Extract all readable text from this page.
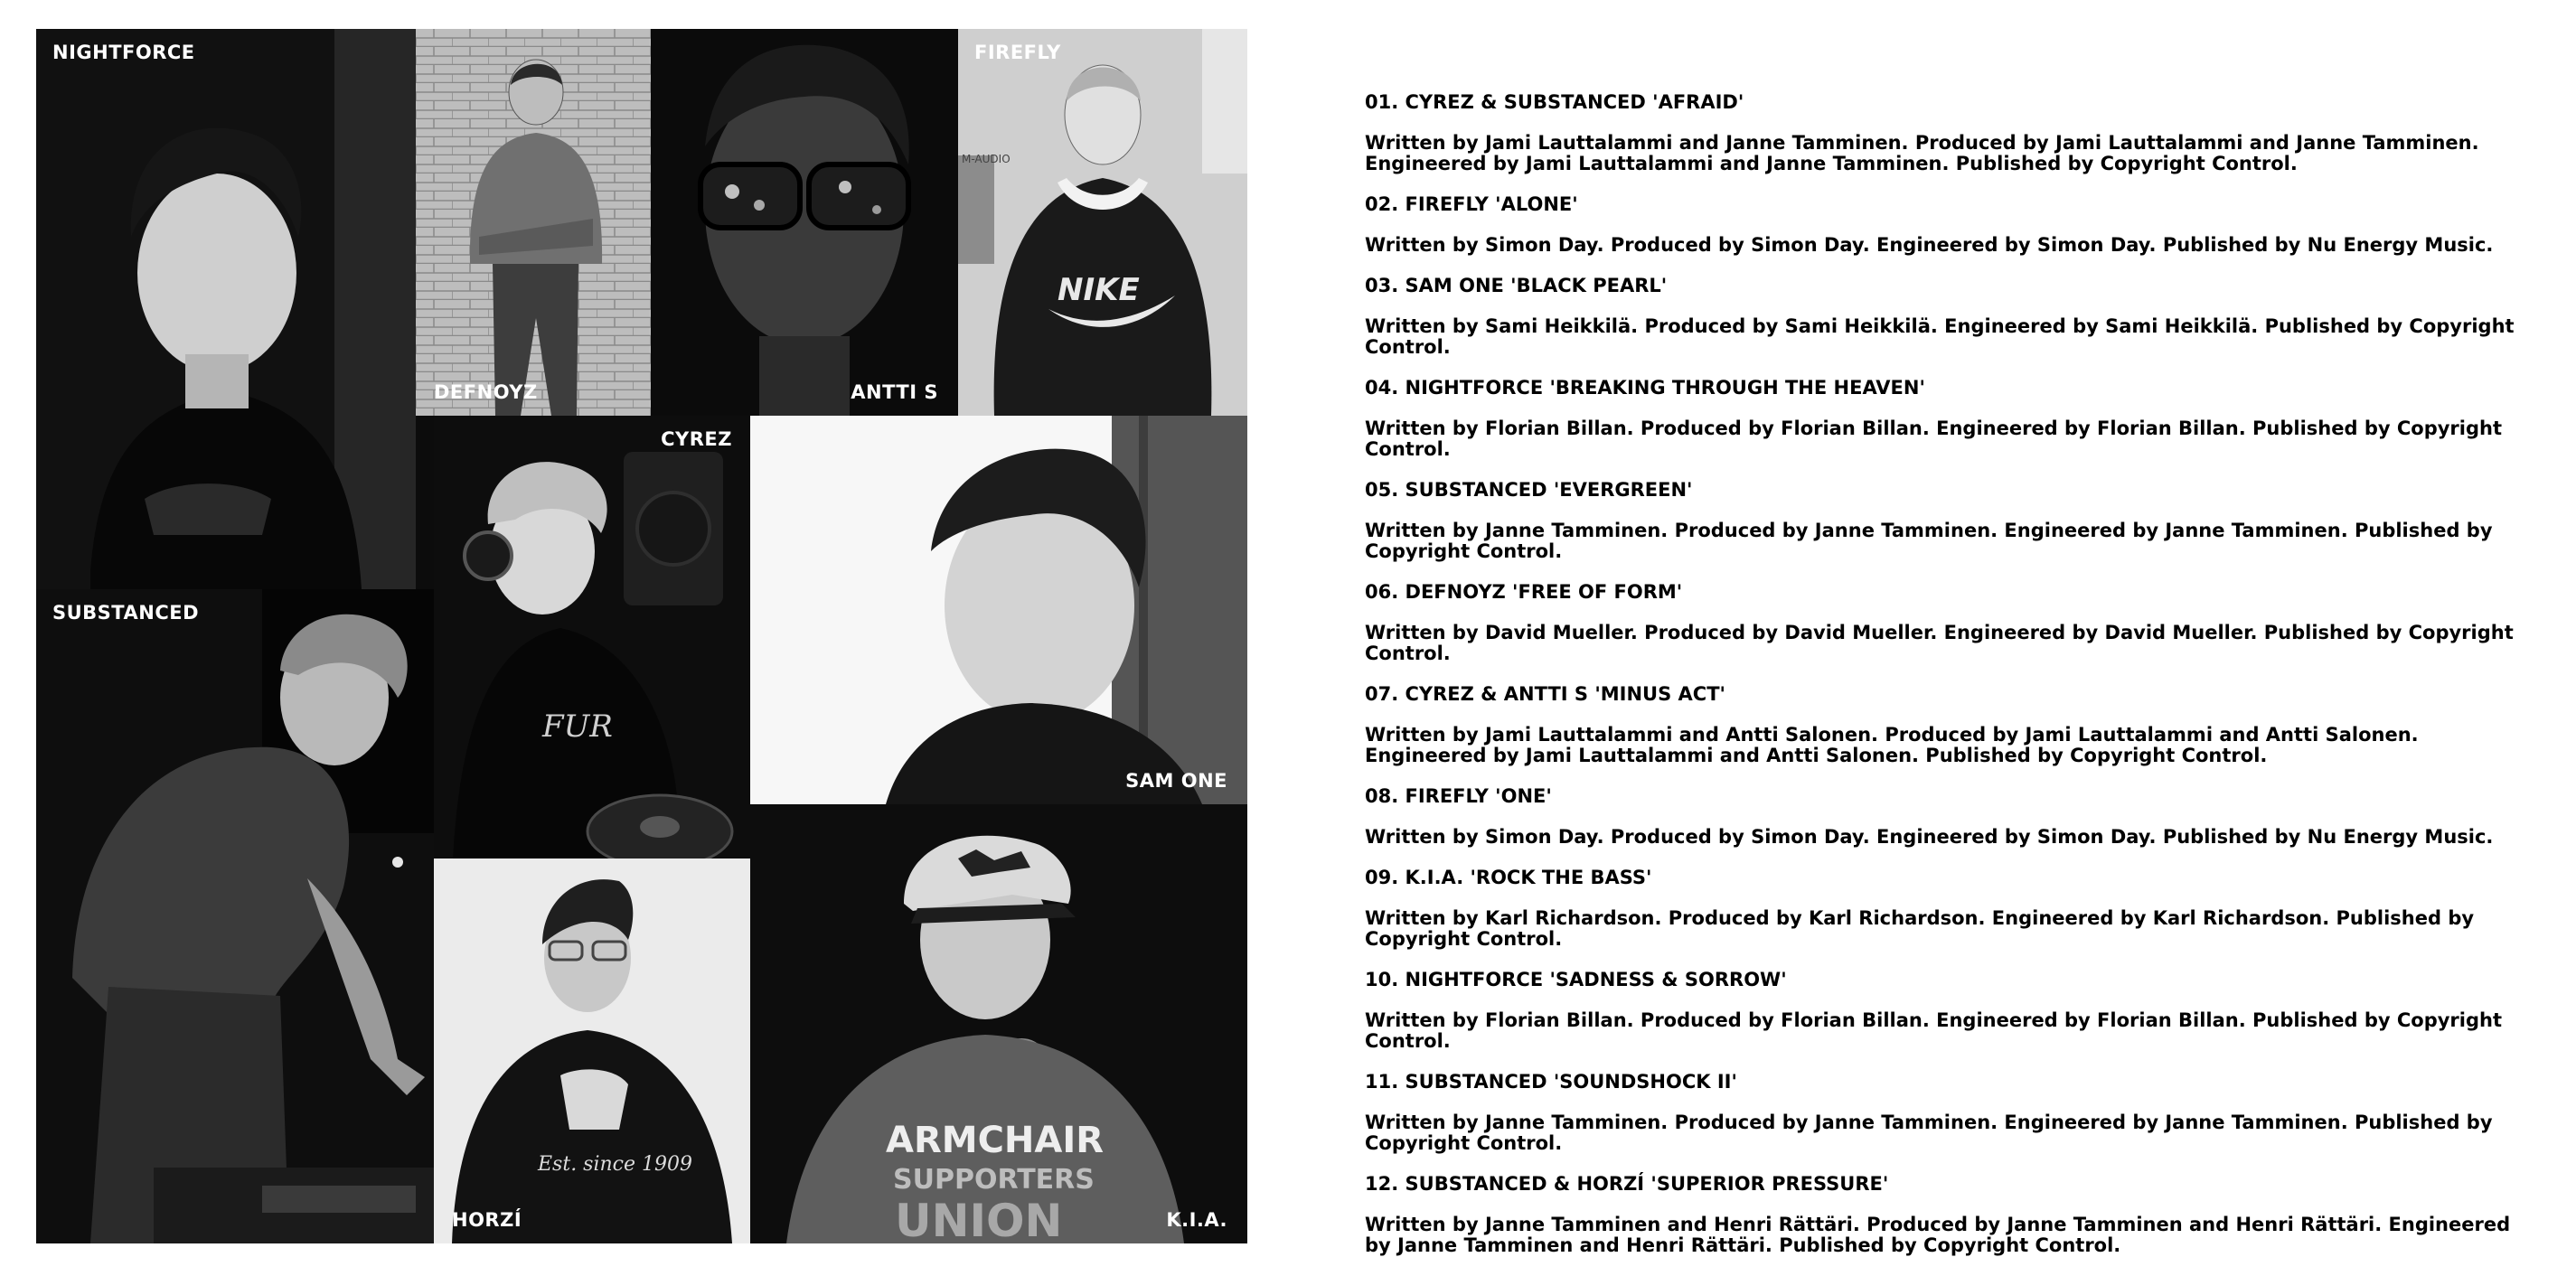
NIGHTFORCE
DEFNOYZ	ANTTI S
M-AUDIO
NIKE
FIREFLY
FUR
CYREZ
SAM ONE
SUBSTANCED
Est. since 1909
HORZÍ
ARMCHAIR
SUPPORTERS
UNION	K.I.A.
01. CYREZ & SUBSTANCED 'AFRAID'
Written by Jami Lauttalammi and Janne Tamminen. Produced by Jami Lauttalammi and Janne Tamminen. Engineered by Jami Lauttalammi and Janne Tamminen. Published by Copyright Control.
02. FIREFLY 'ALONE'
Written by Simon Day. Produced by Simon Day. Engineered by Simon Day. Published by Nu Energy Music.
03. SAM ONE 'BLACK PEARL'
Written by Sami Heikkilä. Produced by Sami Heikkilä. Engineered by Sami Heikkilä. Published by Copyright Control.
04. NIGHTFORCE 'BREAKING THROUGH THE HEAVEN'
Written by Florian Billan. Produced by Florian Billan. Engineered by Florian Billan. Published by Copyright Control.
05. SUBSTANCED 'EVERGREEN'
Written by Janne Tamminen. Produced by Janne Tamminen. Engineered by Janne Tamminen. Published by Copyright Control.
06. DEFNOYZ 'FREE OF FORM'
Written by David Mueller. Produced by David Mueller. Engineered by David Mueller. Published by Copyright Control.
07. CYREZ & ANTTI S 'MINUS ACT'
Written by Jami Lauttalammi and Antti Salonen. Produced by Jami Lauttalammi and Antti Salonen. Engineered by Jami Lauttalammi and Antti Salonen. Published by Copyright Control.
08. FIREFLY 'ONE'
Written by Simon Day. Produced by Simon Day. Engineered by Simon Day. Published by Nu Energy Music.
09. K.I.A. 'ROCK THE BASS'
Written by Karl Richardson. Produced by Karl Richardson. Engineered by Karl Richardson. Published by Copyright Control.
10. NIGHTFORCE 'SADNESS & SORROW'
Written by Florian Billan. Produced by Florian Billan. Engineered by Florian Billan. Published by Copyright Control.
11. SUBSTANCED 'SOUNDSHOCK II'
Written by Janne Tamminen. Produced by Janne Tamminen. Engineered by Janne Tamminen. Published by Copyright Control.
12. SUBSTANCED & HORZÍ 'SUPERIOR PRESSURE'
Written by Janne Tamminen and Henri Rättäri. Produced by Janne Tamminen and Henri Rättäri. Engineered by Janne Tamminen and Henri Rättäri. Published by Copyright Control.
